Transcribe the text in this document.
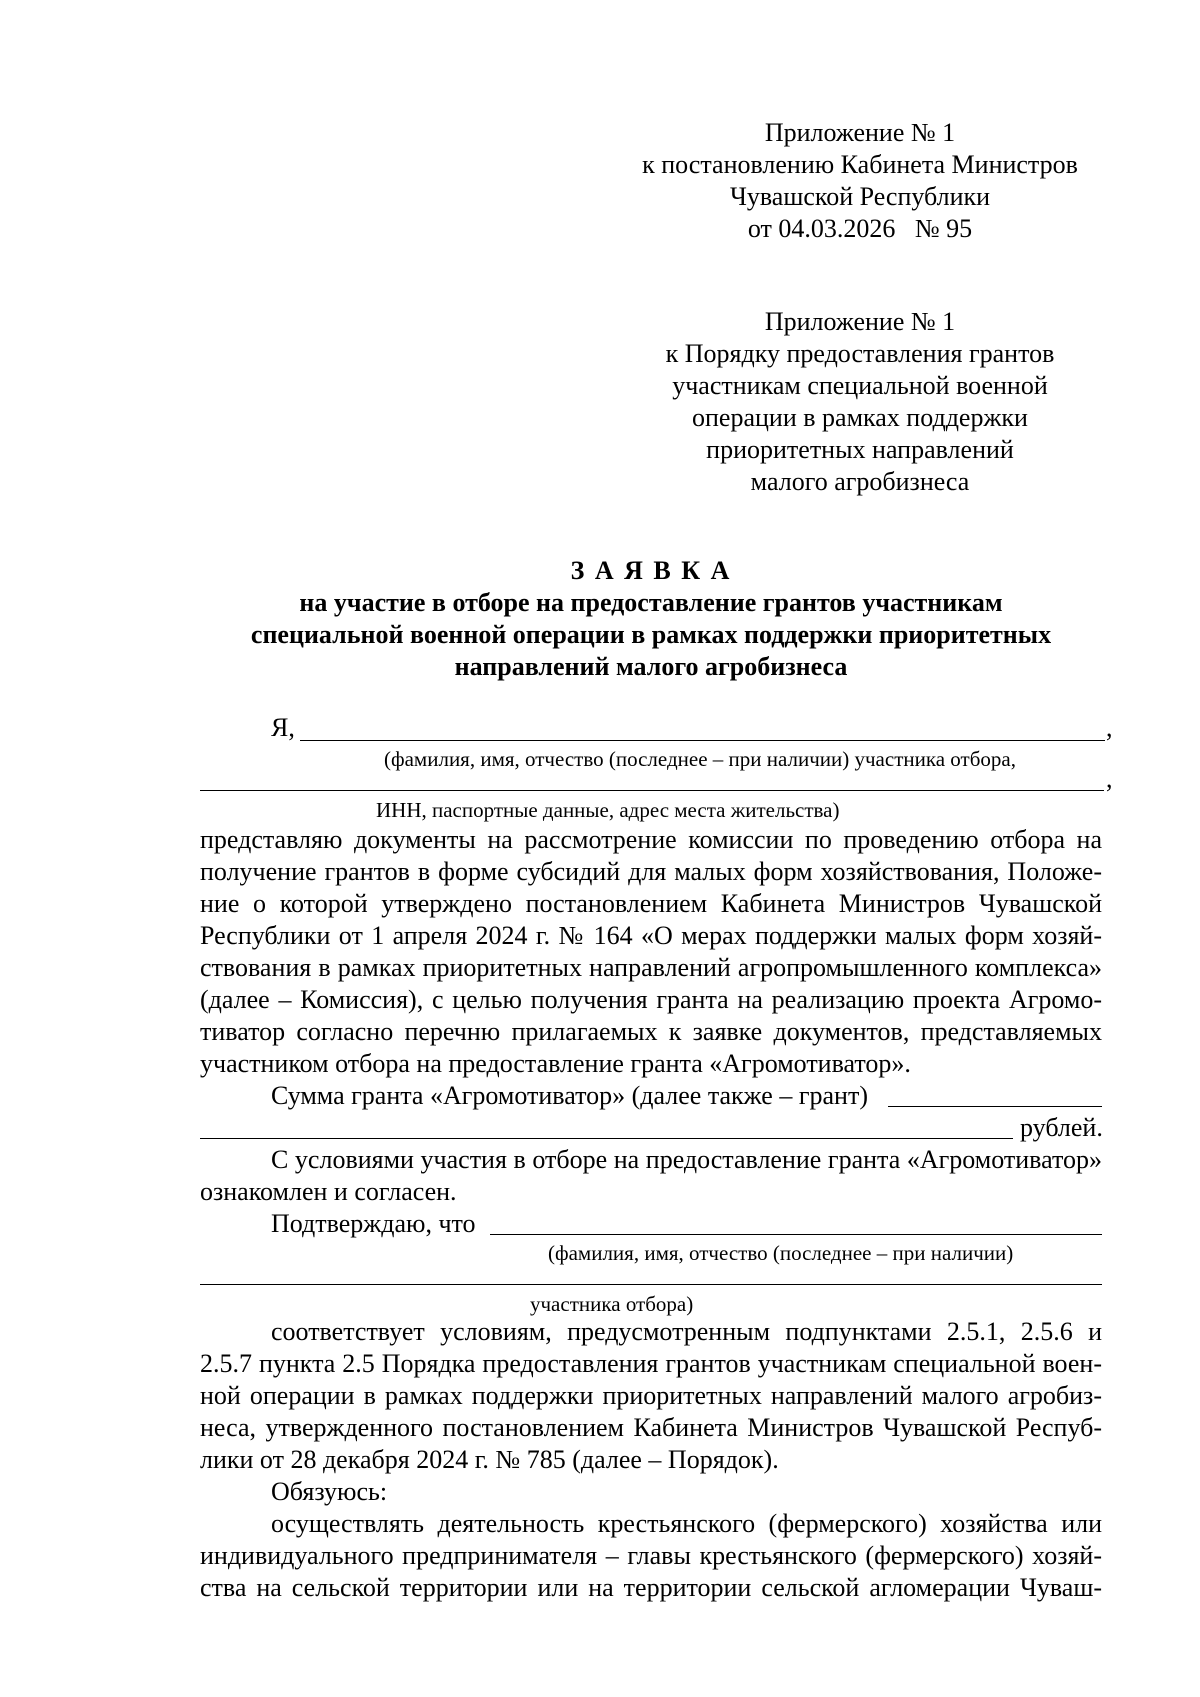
Приложение № 1
к постановлению Кабинета Министров
Чувашской Республики
от 04.03.2026   № 95
Приложение № 1
к Порядку предоставления грантов
участникам специальной военной
операции в рамках поддержки
приоритетных направлений
малого агробизнеса
З А Я В К А
на участие в отборе на предоставление грантов участникам
специальной военной операции в рамках поддержки приоритетных
направлений малого агробизнеса
Я,	,
(фамилия, имя, отчество (последнее – при наличии) участника отбора,
,
ИНН, паспортные данные, адрес места жительства)
представляю документы на рассмотрение комиссии по проведению отбора на
получение грантов в форме субсидий для малых форм хозяйствования, Положе-
ние о которой утверждено постановлением Кабинета Министров Чувашской
Республики от 1 апреля 2024 г. № 164 «О мерах поддержки малых форм хозяй-
ствования в рамках приоритетных направлений агропромышленного комплекса»
(далее – Комиссия), с целью получения гранта на реализацию проекта Агромо-
тиватор согласно перечню прилагаемых к заявке документов, представляемых
участником отбора на предоставление гранта «Агромотиватор».
Сумма гранта «Агромотиватор» (далее также – грант)
рублей.
С условиями участия в отборе на предоставление гранта «Агромотиватор»
ознакомлен и согласен.
Подтверждаю, что
(фамилия, имя, отчество (последнее – при наличии)
участника отбора)
соответствует условиям, предусмотренным подпунктами 2.5.1, 2.5.6 и
2.5.7 пункта 2.5 Порядка предоставления грантов участникам специальной воен-
ной операции в рамках поддержки приоритетных направлений малого агробиз-
неса, утвержденного постановлением Кабинета Министров Чувашской Респуб-
лики от 28 декабря 2024 г. № 785 (далее – Порядок).
Обязуюсь:
осуществлять деятельность крестьянского (фермерского) хозяйства или
индивидуального предпринимателя – главы крестьянского (фермерского) хозяй-
ства на сельской территории или на территории сельской агломерации Чуваш-
